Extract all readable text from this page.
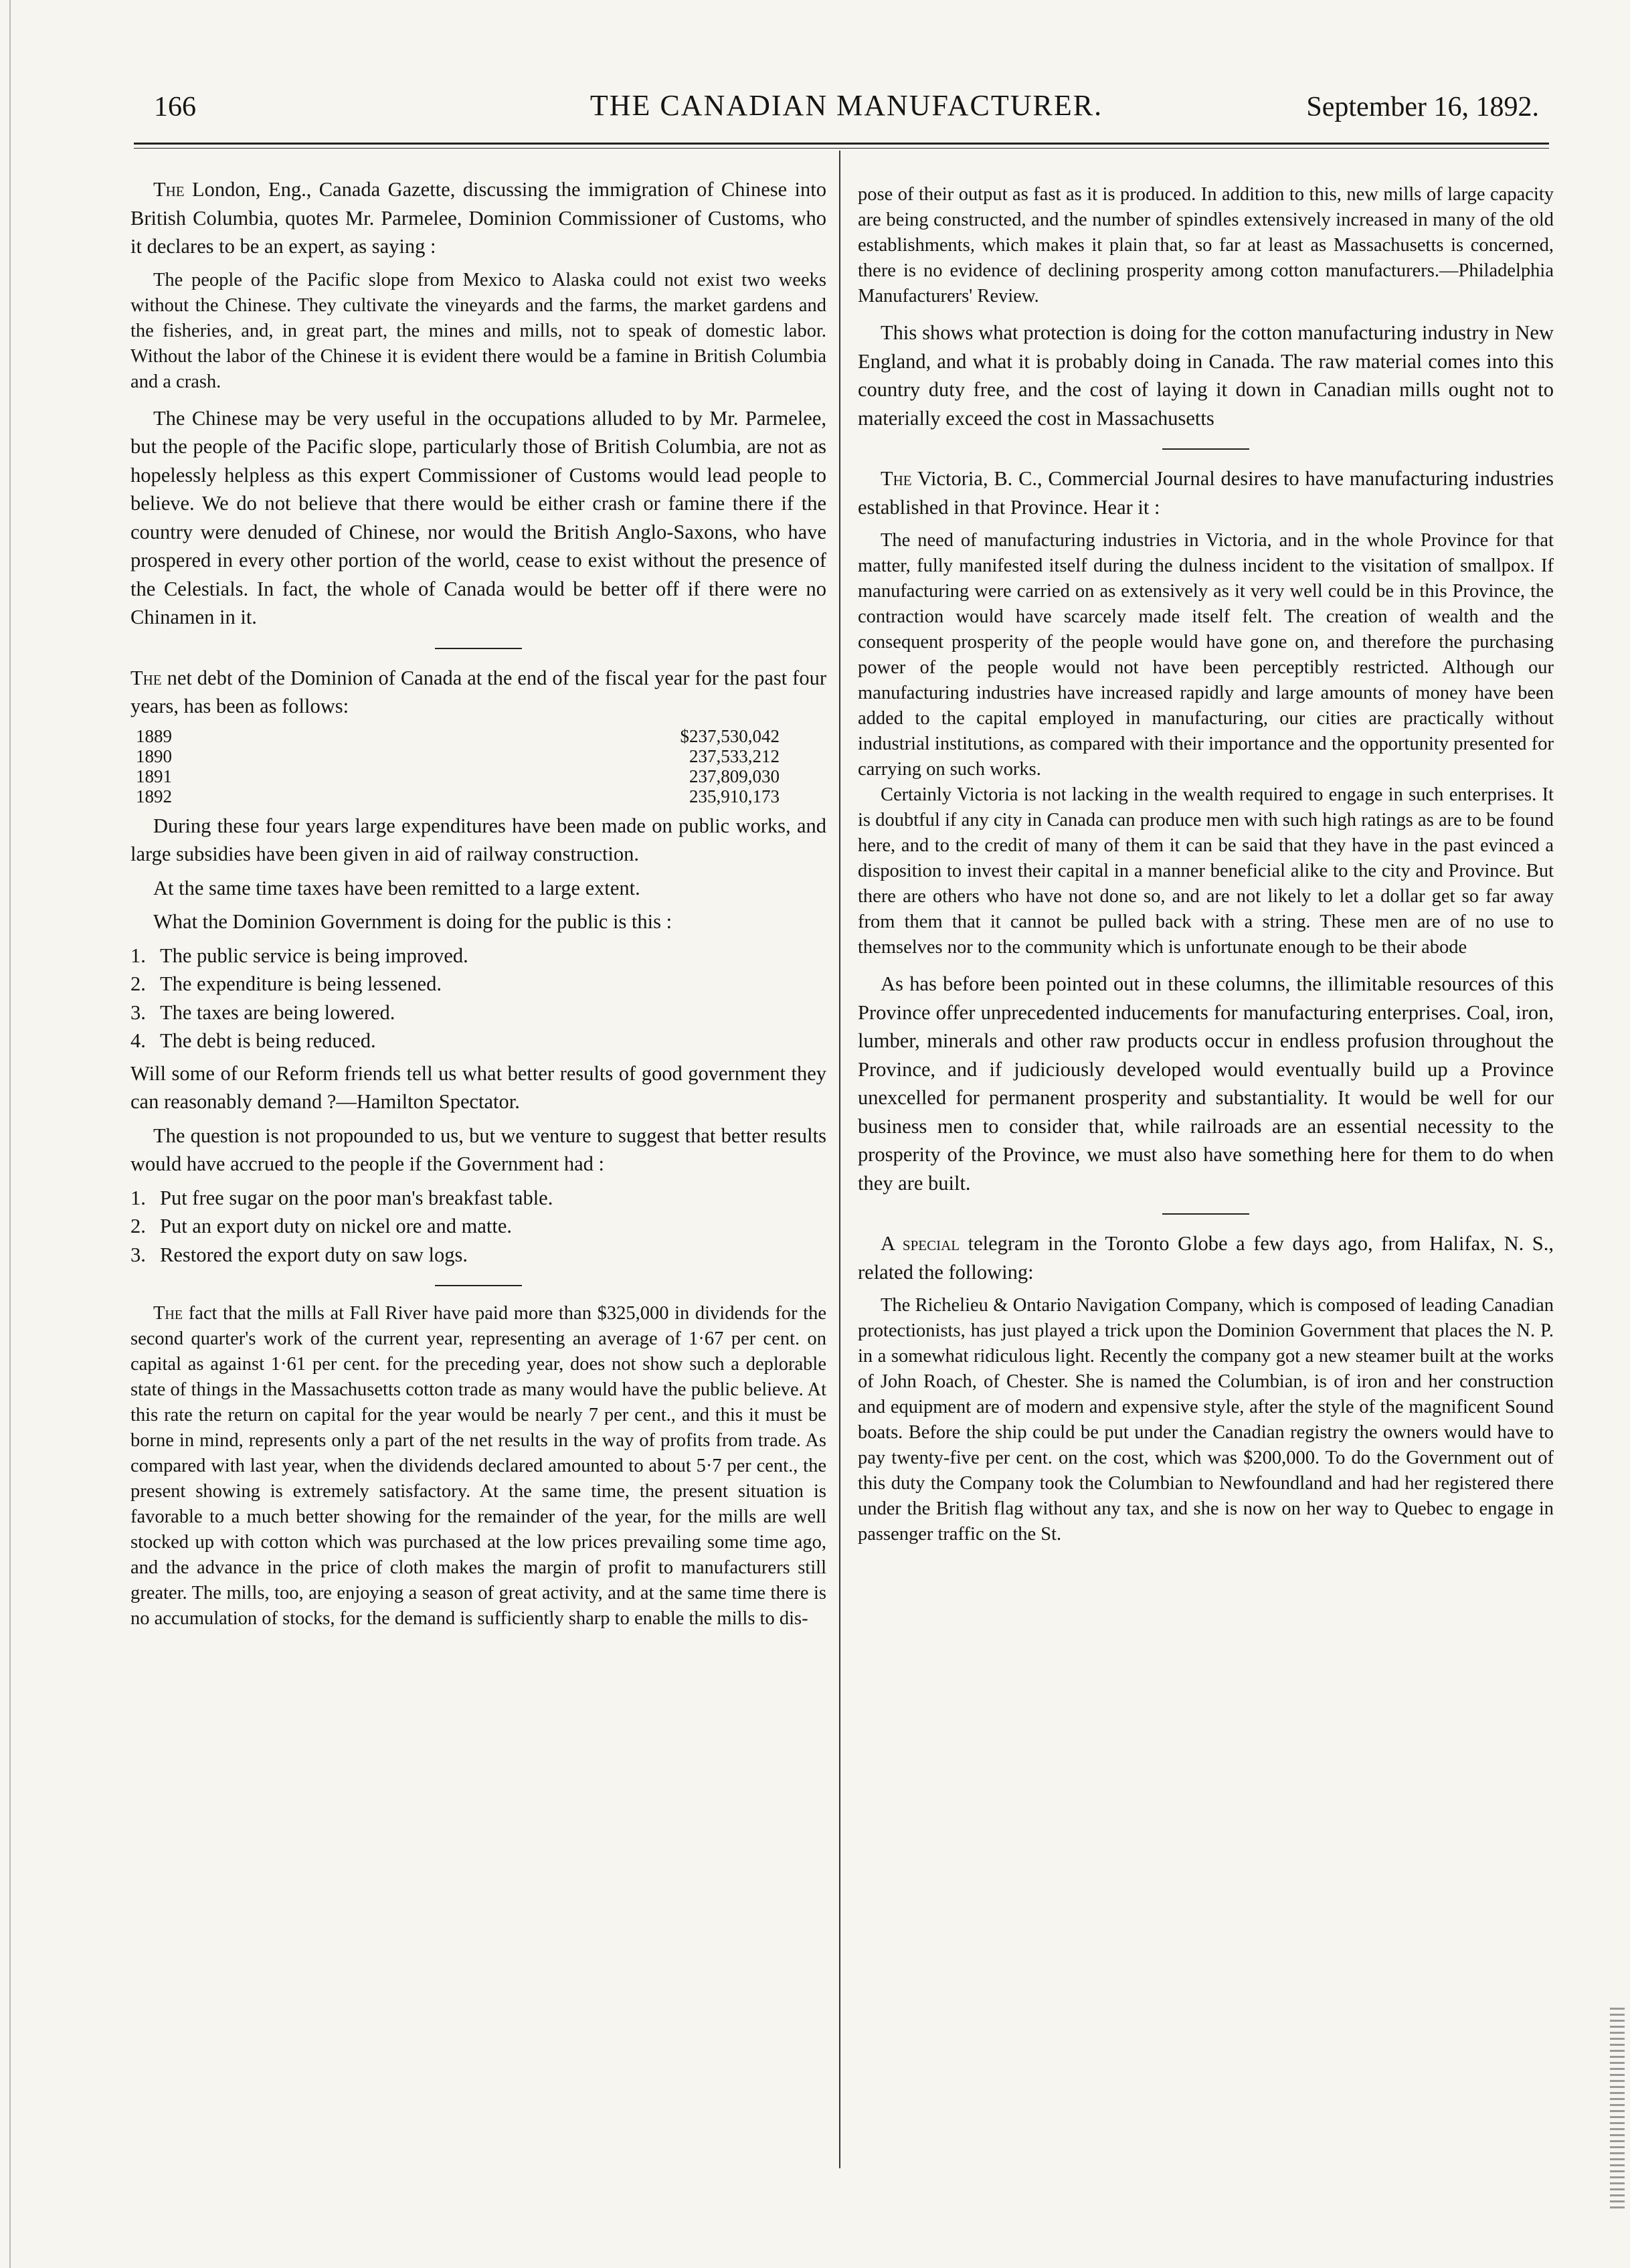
166	THE CANADIAN MANUFACTURER.	September 16, 1892.

The London, Eng., Canada Gazette, discussing the immigration of Chinese into British Columbia, quotes Mr. Parmelee, Dominion Commissioner of Customs, who it declares to be an expert, as saying :

The people of the Pacific slope from Mexico to Alaska could not exist two weeks without the Chinese. They cultivate the vineyards and the farms, the market gardens and the fisheries, and, in great part, the mines and mills, not to speak of domestic labor. Without the labor of the Chinese it is evident there would be a famine in British Columbia and a crash.

The Chinese may be very useful in the occupations alluded to by Mr. Parmelee, but the people of the Pacific slope, particularly those of British Columbia, are not as hopelessly helpless as this expert Commissioner of Customs would lead people to believe. We do not believe that there would be either crash or famine there if the country were denuded of Chinese, nor would the British Anglo-Saxons, who have prospered in every other portion of the world, cease to exist without the presence of the Celestials. In fact, the whole of Canada would be better off if there were no Chinamen in it.

The net debt of the Dominion of Canada at the end of the fiscal year for the past four years, has been as follows:

1889	$237,530,042
1890	237,533,212
1891	237,809,030
1892	235,910,173

During these four years large expenditures have been made on public works, and large subsidies have been given in aid of railway construction.

At the same time taxes have been remitted to a large extent.

What the Dominion Government is doing for the public is this :

1. The public service is being improved.
2. The expenditure is being lessened.
3. The taxes are being lowered.
4. The debt is being reduced.

Will some of our Reform friends tell us what better results of good government they can reasonably demand ?—Hamilton Spectator.

The question is not propounded to us, but we venture to suggest that better results would have accrued to the people if the Government had :

1. Put free sugar on the poor man's breakfast table.
2. Put an export duty on nickel ore and matte.
3. Restored the export duty on saw logs.

The fact that the mills at Fall River have paid more than $325,000 in dividends for the second quarter's work of the current year, representing an average of 1·67 per cent. on capital as against 1·61 per cent. for the preceding year, does not show such a deplorable state of things in the Massachusetts cotton trade as many would have the public believe. At this rate the return on capital for the year would be nearly 7 per cent., and this it must be borne in mind, represents only a part of the net results in the way of profits from trade. As compared with last year, when the dividends declared amounted to about 5·7 per cent., the present showing is extremely satisfactory. At the same time, the present situation is favorable to a much better showing for the remainder of the year, for the mills are well stocked up with cotton which was purchased at the low prices prevailing some time ago, and the advance in the price of cloth makes the margin of profit to manufacturers still greater. The mills, too, are enjoying a season of great activity, and at the same time there is no accumulation of stocks, for the demand is sufficiently sharp to enable the mills to dis-

pose of their output as fast as it is produced. In addition to this, new mills of large capacity are being constructed, and the number of spindles extensively increased in many of the old establishments, which makes it plain that, so far at least as Massachusetts is concerned, there is no evidence of declining prosperity among cotton manufacturers.—Philadelphia Manufacturers' Review.

This shows what protection is doing for the cotton manufacturing industry in New England, and what it is probably doing in Canada. The raw material comes into this country duty free, and the cost of laying it down in Canadian mills ought not to materially exceed the cost in Massachusetts

The Victoria, B. C., Commercial Journal desires to have manufacturing industries established in that Province. Hear it :

The need of manufacturing industries in Victoria, and in the whole Province for that matter, fully manifested itself during the dulness incident to the visitation of smallpox. If manufacturing were carried on as extensively as it very well could be in this Province, the contraction would have scarcely made itself felt. The creation of wealth and the consequent prosperity of the people would have gone on, and therefore the purchasing power of the people would not have been perceptibly restricted. Although our manufacturing industries have increased rapidly and large amounts of money have been added to the capital employed in manufacturing, our cities are practically without industrial institutions, as compared with their importance and the opportunity presented for carrying on such works.

Certainly Victoria is not lacking in the wealth required to engage in such enterprises. It is doubtful if any city in Canada can produce men with such high ratings as are to be found here, and to the credit of many of them it can be said that they have in the past evinced a disposition to invest their capital in a manner beneficial alike to the city and Province. But there are others who have not done so, and are not likely to let a dollar get so far away from them that it cannot be pulled back with a string. These men are of no use to themselves nor to the community which is unfortunate enough to be their abode

As has before been pointed out in these columns, the illimitable resources of this Province offer unprecedented inducements for manufacturing enterprises. Coal, iron, lumber, minerals and other raw products occur in endless profusion throughout the Province, and if judiciously developed would eventually build up a Province unexcelled for permanent prosperity and substantiality. It would be well for our business men to consider that, while railroads are an essential necessity to the prosperity of the Province, we must also have something here for them to do when they are built.

A special telegram in the Toronto Globe a few days ago, from Halifax, N. S., related the following:

The Richelieu & Ontario Navigation Company, which is composed of leading Canadian protectionists, has just played a trick upon the Dominion Government that places the N. P. in a somewhat ridiculous light. Recently the company got a new steamer built at the works of John Roach, of Chester. She is named the Columbian, is of iron and her construction and equipment are of modern and expensive style, after the style of the magnificent Sound boats. Before the ship could be put under the Canadian registry the owners would have to pay twenty-five per cent. on the cost, which was $200,000. To do the Government out of this duty the Company took the Columbian to Newfoundland and had her registered there under the British flag without any tax, and she is now on her way to Quebec to engage in passenger traffic on the St.
